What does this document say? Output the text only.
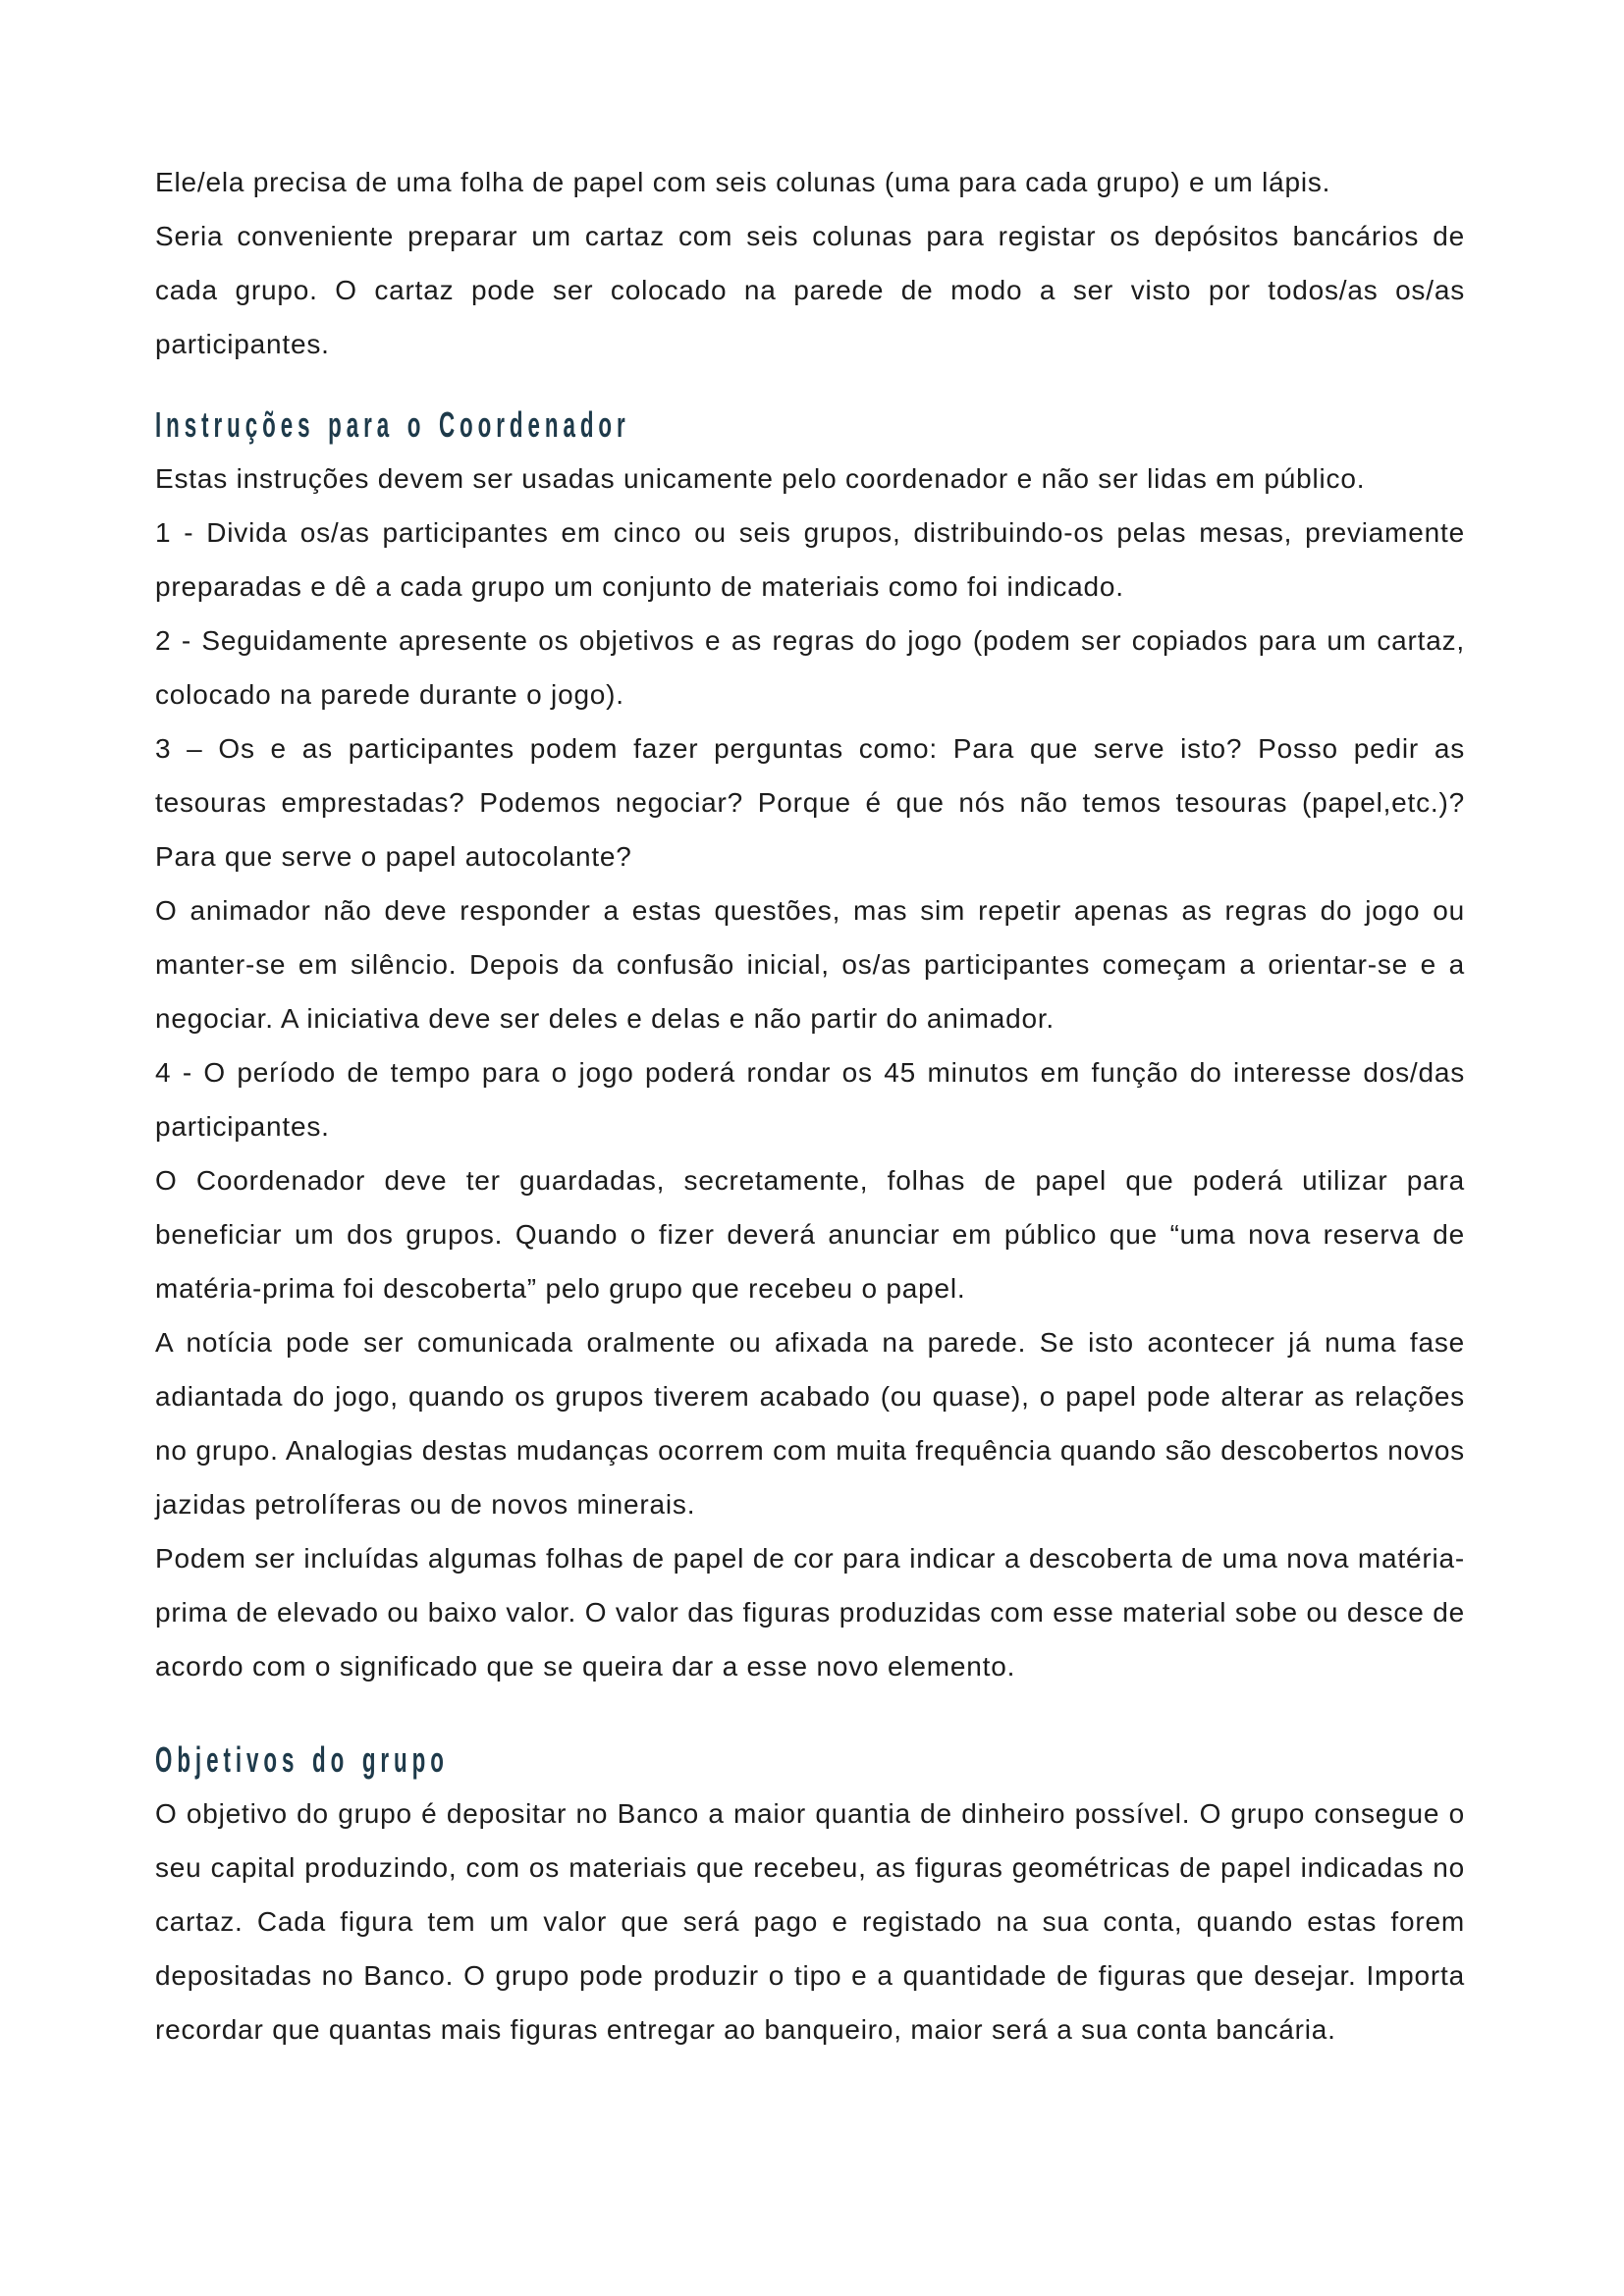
Ele/ela precisa de uma folha de papel com seis colunas (uma para cada grupo) e um lápis.

Seria conveniente preparar um cartaz com seis colunas para registar os depósitos bancários de cada grupo. O cartaz pode ser colocado na parede de modo a ser visto por todos/as os/as participantes.

Instruções para o Coordenador

Estas instruções devem ser usadas unicamente pelo coordenador e não ser lidas em público.

1 - Divida os/as participantes em cinco ou seis grupos, distribuindo-os pelas mesas, previamente preparadas e dê a cada grupo um conjunto de materiais como foi indicado.

2 - Seguidamente apresente os objetivos e as regras do jogo (podem ser copiados para um cartaz, colocado na parede durante o jogo).

3 – Os e as participantes podem fazer perguntas como: Para que serve isto? Posso pedir as tesouras emprestadas? Podemos negociar? Porque é que nós não temos tesouras (papel,etc.)? Para que serve o papel autocolante?

O animador não deve responder a estas questões, mas sim repetir apenas as regras do jogo ou manter-se em silêncio. Depois da confusão inicial, os/as participantes começam a orientar-se e a negociar. A iniciativa deve ser deles e delas e não partir do animador.

4 - O período de tempo para o jogo poderá rondar os 45 minutos em função do interesse dos/das participantes.

O Coordenador deve ter guardadas, secretamente, folhas de papel que poderá utilizar para beneficiar um dos grupos. Quando o fizer deverá anunciar em público que “uma nova reserva de matéria-prima foi descoberta” pelo grupo que recebeu o papel.

A notícia pode ser comunicada oralmente ou afixada na parede. Se isto acontecer já numa fase adiantada do jogo, quando os grupos tiverem acabado (ou quase), o papel pode alterar as relações no grupo. Analogias destas mudanças ocorrem com muita frequência quando são descobertos novos jazidas petrolíferas ou de novos minerais.

Podem ser incluídas algumas folhas de papel de cor para indicar a descoberta de uma nova matéria-prima de elevado ou baixo valor. O valor das figuras produzidas com esse material sobe ou desce de acordo com o significado que se queira dar a esse novo elemento.

Objetivos do grupo

O objetivo do grupo é depositar no Banco a maior quantia de dinheiro possível. O grupo consegue o seu capital produzindo, com os materiais que recebeu, as figuras geométricas de papel indicadas no cartaz. Cada figura tem um valor que será pago e registado na sua conta, quando estas forem depositadas no Banco. O grupo pode produzir o tipo e a quantidade de figuras que desejar. Importa recordar que quantas mais figuras entregar ao banqueiro, maior será a sua conta bancária.
